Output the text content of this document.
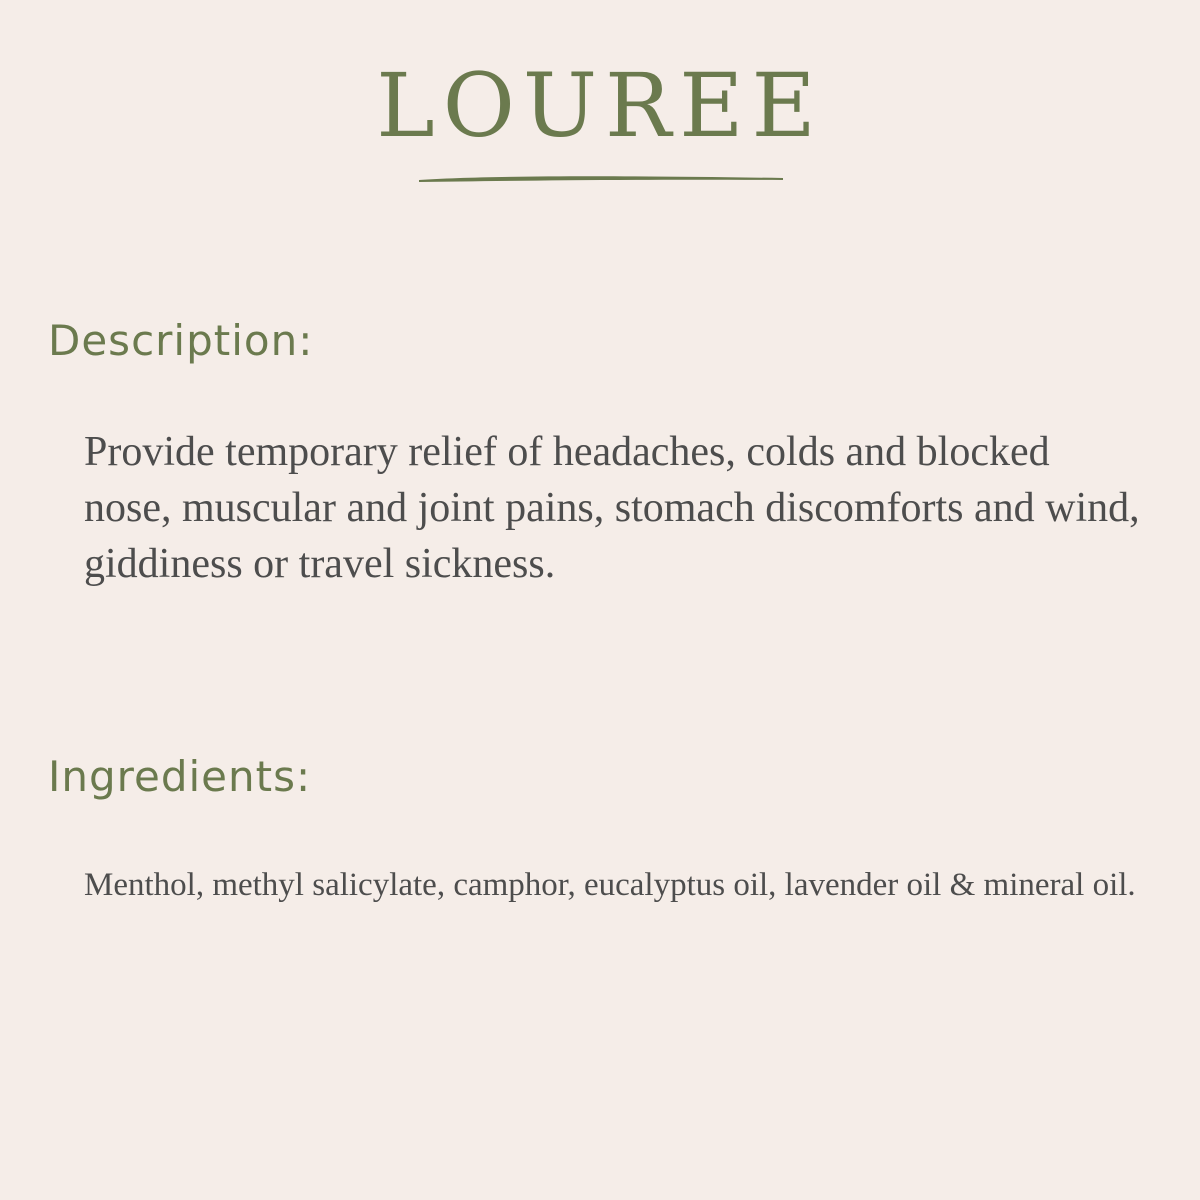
LOUREE
Description:

Provide temporary relief of headaches, colds and blocked nose, muscular and joint pains, stomach discomforts and wind, giddiness or travel sickness.

Ingredients:

Menthol, methyl salicylate, camphor, eucalyptus oil, lavender oil & mineral oil.
